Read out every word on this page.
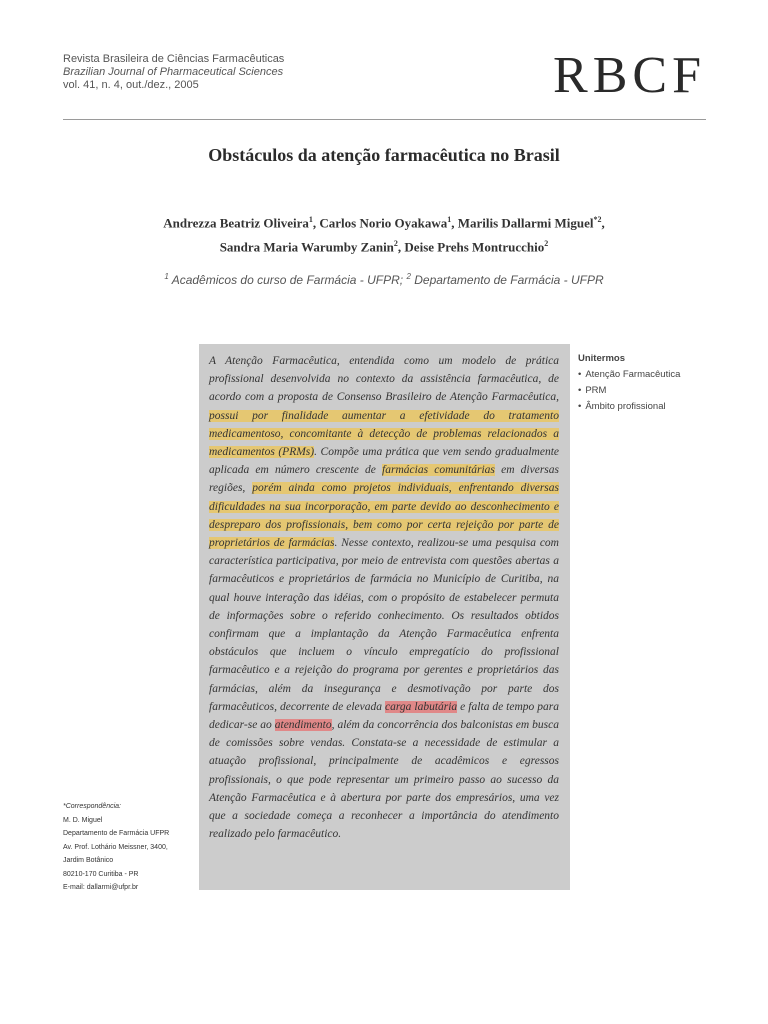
Revista Brasileira de Ciências Farmacêuticas
Brazilian Journal of Pharmaceutical Sciences
vol. 41, n. 4, out./dez., 2005	RBCF
Obstáculos da atenção farmacêutica no Brasil
Andrezza Beatriz Oliveira$^1$, Carlos Norio Oyakawa$^1$, Marilis Dallarmi Miguel$^{*2}$,
Sandra Maria Warumby Zanin$^2$, Deise Prehs Montrucchio$^2$
$^1$ Acadêmicos do curso de Farmácia - UFPR; $^2$ Departamento de Farmácia - UFPR
A Atenção Farmacêutica, entendida como um modelo de prática profissional desenvolvida no contexto da assistência farmacêutica, de acordo com a proposta de Consenso Brasileiro de Atenção Farmacêutica, possui por finalidade aumentar a efetividade do tratamento medicamentoso, concomitante à detecção de problemas relacionados a medicamentos (PRMs). Compõe uma prática que vem sendo gradualmente aplicada em número crescente de farmácias comunitárias em diversas regiões, porém ainda como projetos individuais, enfrentando diversas dificuldades na sua incorporação, em parte devido ao desconhecimento e despreparo dos profissionais, bem como por certa rejeição por parte de proprietários de farmácias. Nesse contexto, realizou-se uma pesquisa com característica participativa, por meio de entrevista com questões abertas a farmacêuticos e proprietários de farmácia no Município de Curitiba, na qual houve interação das idéias, com o propósito de estabelecer permuta de informações sobre o referido conhecimento. Os resultados obtidos confirmam que a implantação da Atenção Farmacêutica enfrenta obstáculos que incluem o vínculo empregatício do profissional farmacêutico e a rejeição do programa por gerentes e proprietários das farmácias, além da insegurança e desmotivação por parte dos farmacêuticos, decorrente de elevada carga labutária e falta de tempo para dedicar-se ao atendimento, além da concorrência dos balconistas em busca de comissões sobre vendas. Constata-se a necessidade de estimular a atuação profissional, principalmente de acadêmicos e egressos profissionais, o que pode representar um primeiro passo ao sucesso da Atenção Farmacêutica e à abertura por parte dos empresários, uma vez que a sociedade começa a reconhecer a importância do atendimento realizado pelo farmacêutico.
Unitermos
• Atenção Farmacêutica
• PRM
• Âmbito profissional
*Correspondência:
M. D. Miguel
Departamento de Farmácia UFPR
Av. Prof. Lothário Meissner, 3400,
Jardim Botânico
80210-170 Curitiba - PR
E-mail: dallarmi@ufpr.br
